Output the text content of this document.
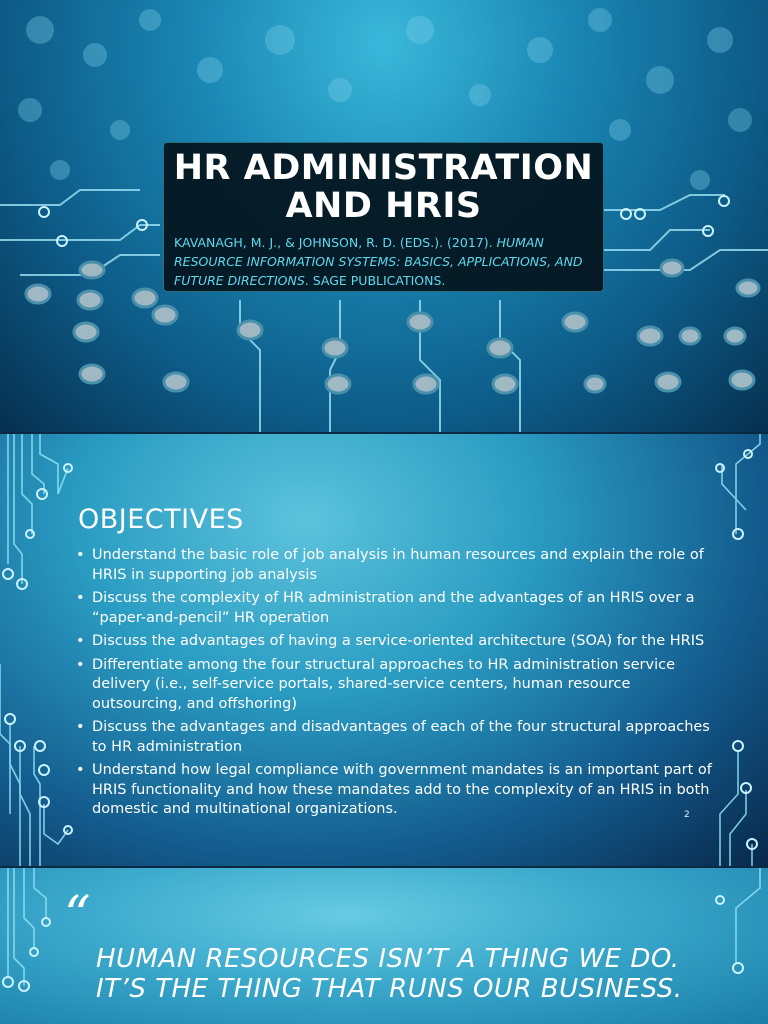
HR ADMINISTRATION AND HRIS
KAVANAGH, M. J., & JOHNSON, R. D. (EDS.). (2017). HUMAN RESOURCE INFORMATION SYSTEMS: BASICS, APPLICATIONS, AND FUTURE DIRECTIONS. SAGE PUBLICATIONS.
OBJECTIVES
• Understand the basic role of job analysis in human resources and explain the role of HRIS in supporting job analysis
• Discuss the complexity of HR administration and the advantages of an HRIS over a “paper-and-pencil” HR operation
• Discuss the advantages of having a service-oriented architecture (SOA) for the HRIS
• Differentiate among the four structural approaches to HR administration service delivery (i.e., self-service portals, shared-service centers, human resource outsourcing, and offshoring)
• Discuss the advantages and disadvantages of each of the four structural approaches to HR administration
• Understand how legal compliance with government mandates is an important part of HRIS functionality and how these mandates add to the complexity of an HRIS in both domestic and multinational organizations.	2
“
HUMAN RESOURCES ISN’T A THING WE DO. IT’S THE THING THAT RUNS OUR BUSINESS.
